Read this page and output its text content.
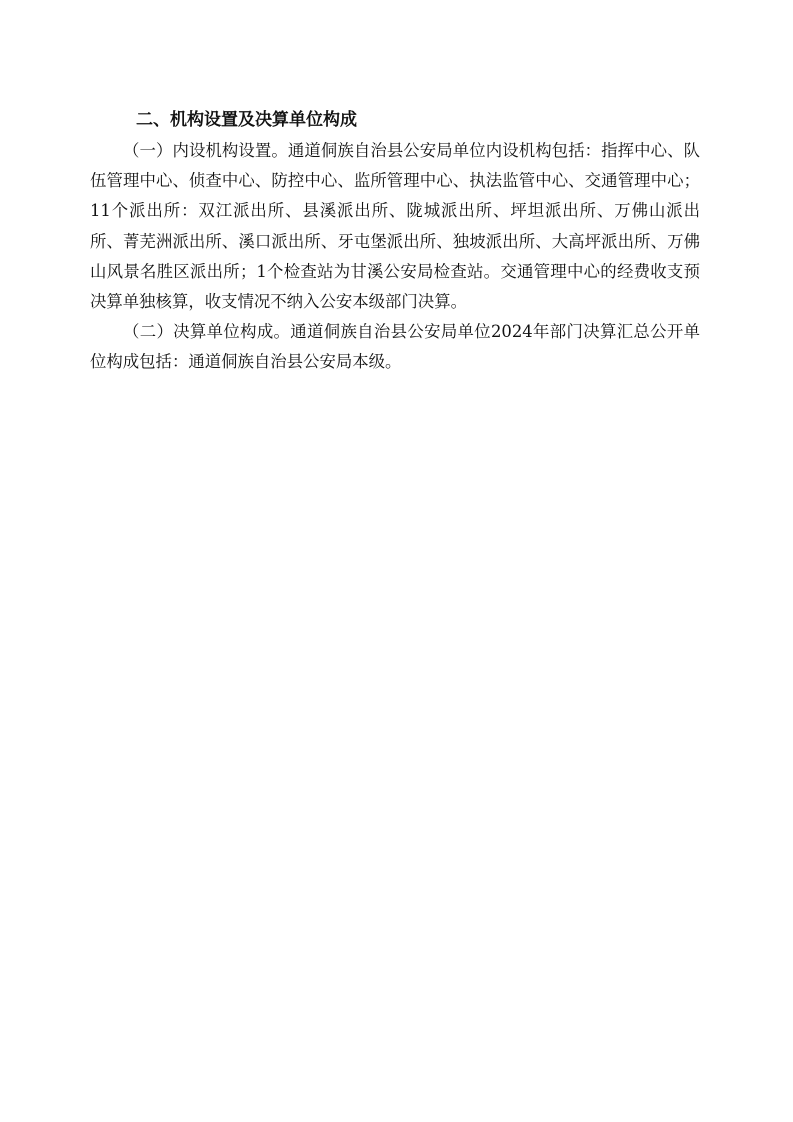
二、机构设置及决算单位构成

（一）内设机构设置。通道侗族自治县公安局单位内设机构包括：指挥中心、队伍管理中心、侦查中心、防控中心、监所管理中心、执法监管中心、交通管理中心；11个派出所：双江派出所、县溪派出所、陇城派出所、坪坦派出所、万佛山派出所、菁芜洲派出所、溪口派出所、牙屯堡派出所、独坡派出所、大高坪派出所、万佛山风景名胜区派出所；1个检查站为甘溪公安局检查站。交通管理中心的经费收支预决算单独核算，收支情况不纳入公安本级部门决算。

（二）决算单位构成。通道侗族自治县公安局单位2024年部门决算汇总公开单位构成包括：通道侗族自治县公安局本级。
